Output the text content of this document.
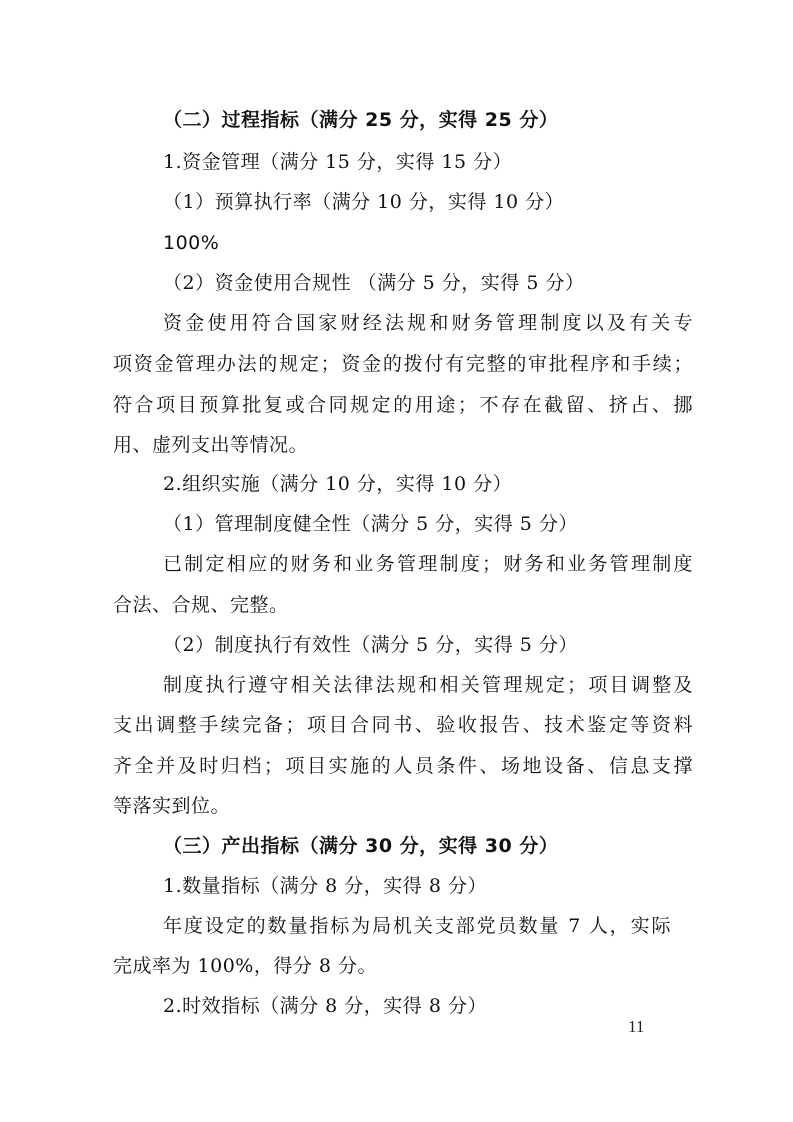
（二）过程指标（满分 25 分，实得 25 分）
1.资金管理（满分 15 分，实得 15 分）
（1）预算执行率（满分 10 分，实得 10 分）
100%
（2）资金使用合规性 （满分 5 分，实得 5 分）
资金使用符合国家财经法规和财务管理制度以及有关专
项资金管理办法的规定；资金的拨付有完整的审批程序和手续；
符合项目预算批复或合同规定的用途；不存在截留、挤占、挪
用、虚列支出等情况。
2.组织实施（满分 10 分，实得 10 分）
（1）管理制度健全性（满分 5 分，实得 5 分）
已制定相应的财务和业务管理制度；财务和业务管理制度
合法、合规、完整。
（2）制度执行有效性（满分 5 分，实得 5 分）
制度执行遵守相关法律法规和相关管理规定；项目调整及
支出调整手续完备；项目合同书、验收报告、技术鉴定等资料
齐全并及时归档；项目实施的人员条件、场地设备、信息支撑
等落实到位。
（三）产出指标（满分 30 分，实得 30 分）
1.数量指标（满分 8 分，实得 8 分）
年度设定的数量指标为局机关支部党员数量 7 人，实际
完成率为 100%，得分 8 分。
2.时效指标（满分 8 分，实得 8 分）
11
